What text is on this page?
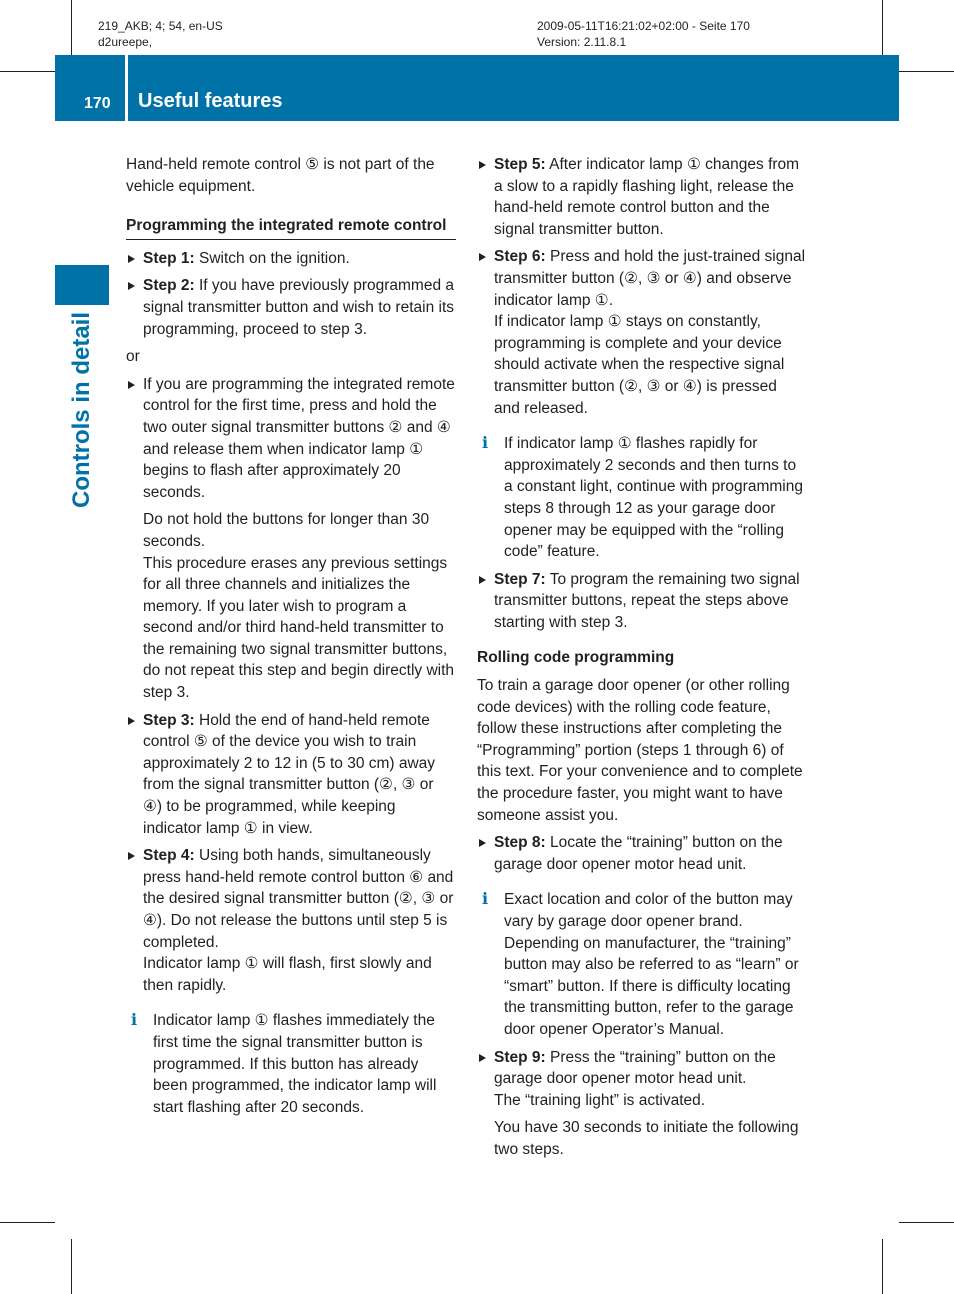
219_AKB; 4; 54, en-US
d2ureepe,
2009-05-11T16:21:02+02:00 - Seite 170
Version: 2.11.8.1
170 Useful features
Controls in detail

Hand-held remote control ⑤ is not part of the vehicle equipment.

Programming the integrated remote control

Step 1: Switch on the ignition.

Step 2: If you have previously programmed a signal transmitter button and wish to retain its programming, proceed to step 3.

or

If you are programming the integrated remote control for the first time, press and hold the two outer signal transmitter buttons ② and ④ and release them when indicator lamp ① begins to flash after approximately 20 seconds.

Do not hold the buttons for longer than 30 seconds.

This procedure erases any previous settings for all three channels and initializes the memory. If you later wish to program a second and/or third hand-held transmitter to the remaining two signal transmitter buttons, do not repeat this step and begin directly with step 3.

Step 3: Hold the end of hand-held remote control ⑤ of the device you wish to train approximately 2 to 12 in (5 to 30 cm) away from the signal transmitter button (②, ③ or ④) to be programmed, while keeping indicator lamp ① in view.

Step 4: Using both hands, simultaneously press hand-held remote control button ⑥ and the desired signal transmitter button (②, ③ or ④). Do not release the buttons until step 5 is completed.

Indicator lamp ① will flash, first slowly and then rapidly.

i	Indicator lamp ① flashes immediately the first time the signal transmitter button is programmed. If this button has already been programmed, the indicator lamp will start flashing after 20 seconds.

Step 5: After indicator lamp ① changes from a slow to a rapidly flashing light, release the hand-held remote control button and the signal transmitter button.

Step 6: Press and hold the just-trained signal transmitter button (②, ③ or ④) and observe indicator lamp ①.

If indicator lamp ① stays on constantly, programming is complete and your device should activate when the respective signal transmitter button (②, ③ or ④) is pressed and released.

i	If indicator lamp ① flashes rapidly for approximately 2 seconds and then turns to a constant light, continue with programming steps 8 through 12 as your garage door opener may be equipped with the “rolling code” feature.

Step 7: To program the remaining two signal transmitter buttons, repeat the steps above starting with step 3.

Rolling code programming

To train a garage door opener (or other rolling code devices) with the rolling code feature, follow these instructions after completing the “Programming” portion (steps 1 through 6) of this text. For your convenience and to complete the procedure faster, you might want to have someone assist you.

Step 8: Locate the “training” button on the garage door opener motor head unit.

i	Exact location and color of the button may vary by garage door opener brand. Depending on manufacturer, the “training” button may also be referred to as “learn” or “smart” button. If there is difficulty locating the transmitting button, refer to the garage door opener Operator’s Manual.

Step 9: Press the “training” button on the garage door opener motor head unit.

The “training light” is activated.

You have 30 seconds to initiate the following two steps.
